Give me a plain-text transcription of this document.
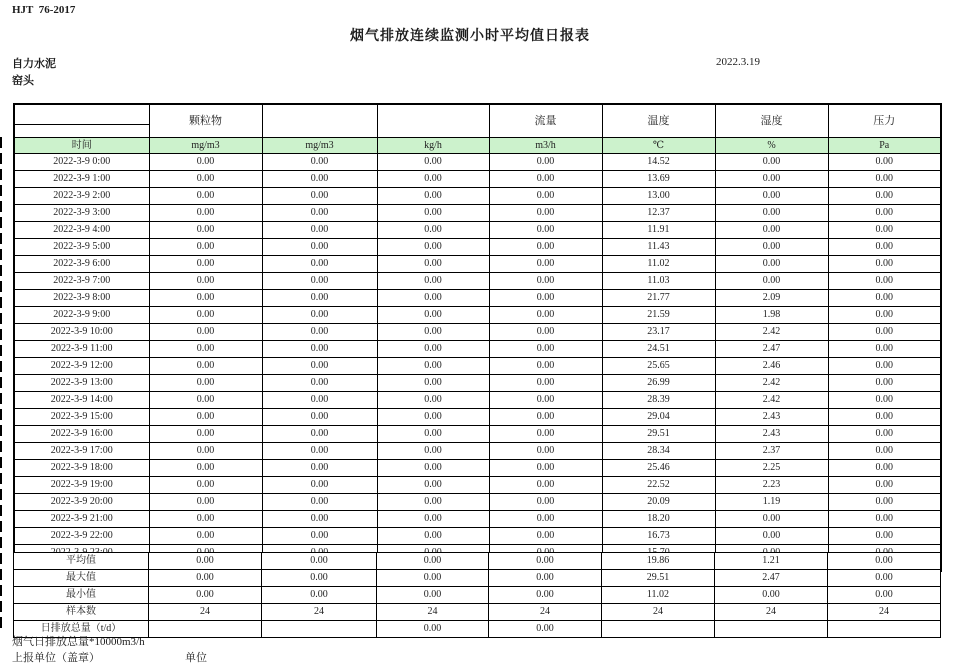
HJT  76-2017
烟气排放连续监测小时平均值日报表
自力水泥
窑头
2022.3.19
	颗粒物			流量	温度	湿度	压力

时间	mg/m3	mg/m3	kg/h	m3/h	℃	%	Pa
2022-3-9 0:00	0.00	0.00	0.00	0.00	14.52	0.00	0.00
2022-3-9 1:00	0.00	0.00	0.00	0.00	13.69	0.00	0.00
2022-3-9 2:00	0.00	0.00	0.00	0.00	13.00	0.00	0.00
2022-3-9 3:00	0.00	0.00	0.00	0.00	12.37	0.00	0.00
2022-3-9 4:00	0.00	0.00	0.00	0.00	11.91	0.00	0.00
2022-3-9 5:00	0.00	0.00	0.00	0.00	11.43	0.00	0.00
2022-3-9 6:00	0.00	0.00	0.00	0.00	11.02	0.00	0.00
2022-3-9 7:00	0.00	0.00	0.00	0.00	11.03	0.00	0.00
2022-3-9 8:00	0.00	0.00	0.00	0.00	21.77	2.09	0.00
2022-3-9 9:00	0.00	0.00	0.00	0.00	21.59	1.98	0.00
2022-3-9 10:00	0.00	0.00	0.00	0.00	23.17	2.42	0.00
2022-3-9 11:00	0.00	0.00	0.00	0.00	24.51	2.47	0.00
2022-3-9 12:00	0.00	0.00	0.00	0.00	25.65	2.46	0.00
2022-3-9 13:00	0.00	0.00	0.00	0.00	26.99	2.42	0.00
2022-3-9 14:00	0.00	0.00	0.00	0.00	28.39	2.42	0.00
2022-3-9 15:00	0.00	0.00	0.00	0.00	29.04	2.43	0.00
2022-3-9 16:00	0.00	0.00	0.00	0.00	29.51	2.43	0.00
2022-3-9 17:00	0.00	0.00	0.00	0.00	28.34	2.37	0.00
2022-3-9 18:00	0.00	0.00	0.00	0.00	25.46	2.25	0.00
2022-3-9 19:00	0.00	0.00	0.00	0.00	22.52	2.23	0.00
2022-3-9 20:00	0.00	0.00	0.00	0.00	20.09	1.19	0.00
2022-3-9 21:00	0.00	0.00	0.00	0.00	18.20	0.00	0.00
2022-3-9 22:00	0.00	0.00	0.00	0.00	16.73	0.00	0.00

平均值	0.00	0.00	0.00	0.00	19.86	1.21	0.00
最大值	0.00	0.00	0.00	0.00	29.51	2.47	0.00
最小值	0.00	0.00	0.00	0.00	11.02	0.00	0.00
样本数	24	24	24	24	24	24	24
日排放总量（t/d）			0.00	0.00			
烟气日排放总量*10000m3/h
上报单位（盖章）	单位
